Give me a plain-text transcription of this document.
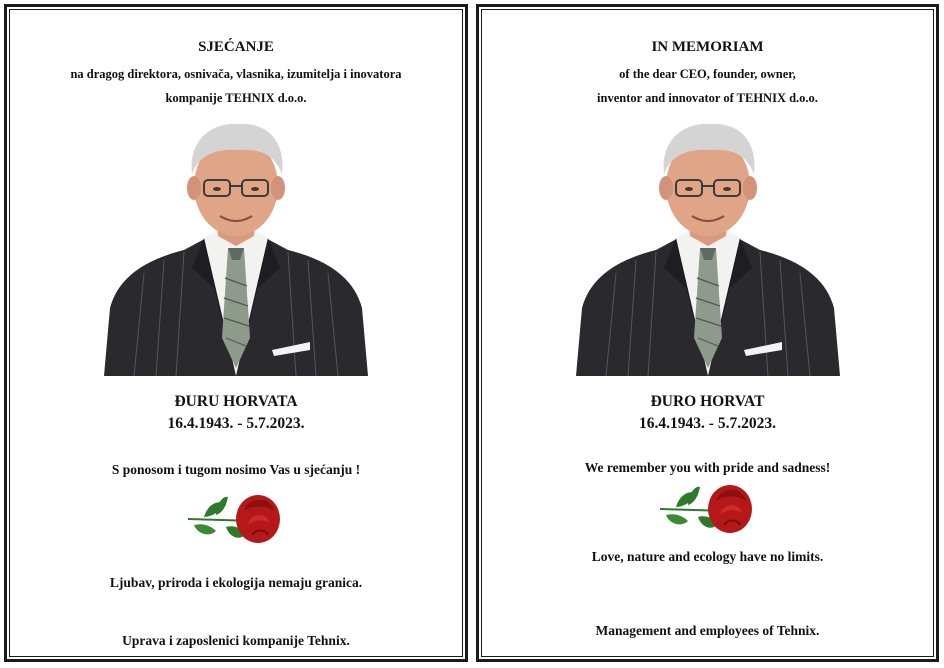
SJEĆANJE
na dragog direktora, osnivača, vlasnika, izumitelja i inovatora
kompanije TEHNIX d.o.o.
ĐURU HORVATA
16.4.1943. - 5.7.2023.
S ponosom i tugom nosimo Vas u sjećanju !
Ljubav, priroda i ekologija nemaju granica.
Uprava i zaposlenici kompanije Tehnix.
IN MEMORIAM
of the dear CEO, founder, owner,
inventor and innovator of TEHNIX d.o.o.
ĐURO HORVAT
16.4.1943. - 5.7.2023.
We remember you with pride and sadness!
Love, nature and ecology have no limits.
Management and employees of Tehnix.
